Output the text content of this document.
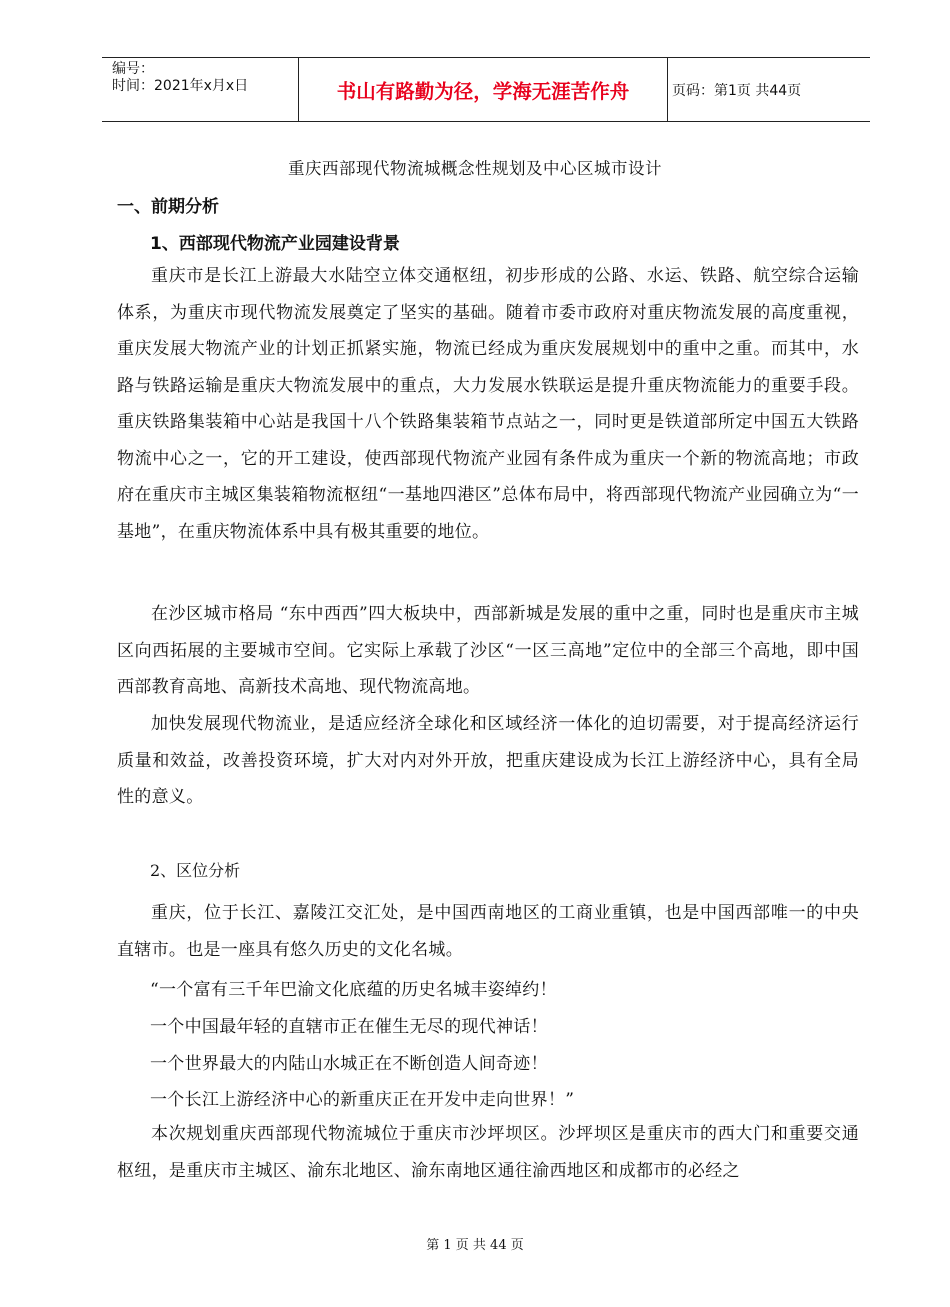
编号：
时间：2021年x月x日	书山有路勤为径，学海无涯苦作舟	页码：第1页 共44页
重庆西部现代物流城概念性规划及中心区城市设计
一、前期分析
1、西部现代物流产业园建设背景
重庆市是长江上游最大水陆空立体交通枢纽，初步形成的公路、水运、铁路、航空综合运输体系，为重庆市现代物流发展奠定了坚实的基础。随着市委市政府对重庆物流发展的高度重视，重庆发展大物流产业的计划正抓紧实施，物流已经成为重庆发展规划中的重中之重。而其中，水路与铁路运输是重庆大物流发展中的重点，大力发展水铁联运是提升重庆物流能力的重要手段。重庆铁路集装箱中心站是我国十八个铁路集装箱节点站之一，同时更是铁道部所定中国五大铁路物流中心之一，它的开工建设，使西部现代物流产业园有条件成为重庆一个新的物流高地；市政府在重庆市主城区集装箱物流枢纽“一基地四港区”总体布局中，将西部现代物流产业园确立为“一基地”，在重庆物流体系中具有极其重要的地位。
在沙区城市格局 “东中西西”四大板块中，西部新城是发展的重中之重，同时也是重庆市主城区向西拓展的主要城市空间。它实际上承载了沙区“一区三高地”定位中的全部三个高地，即中国西部教育高地、高新技术高地、现代物流高地。
加快发展现代物流业，是适应经济全球化和区域经济一体化的迫切需要，对于提高经济运行质量和效益，改善投资环境，扩大对内对外开放，把重庆建设成为长江上游经济中心，具有全局性的意义。
2、区位分析
重庆，位于长江、嘉陵江交汇处，是中国西南地区的工商业重镇，也是中国西部唯一的中央直辖市。也是一座具有悠久历史的文化名城。
“一个富有三千年巴渝文化底蕴的历史名城丰姿绰约！
一个中国最年轻的直辖市正在催生无尽的现代神话！
一个世界最大的内陆山水城正在不断创造人间奇迹！
一个长江上游经济中心的新重庆正在开发中走向世界！”
本次规划重庆西部现代物流城位于重庆市沙坪坝区。沙坪坝区是重庆市的西大门和重要交通枢纽，是重庆市主城区、渝东北地区、渝东南地区通往渝西地区和成都市的必经之
第 1 页 共 44 页
